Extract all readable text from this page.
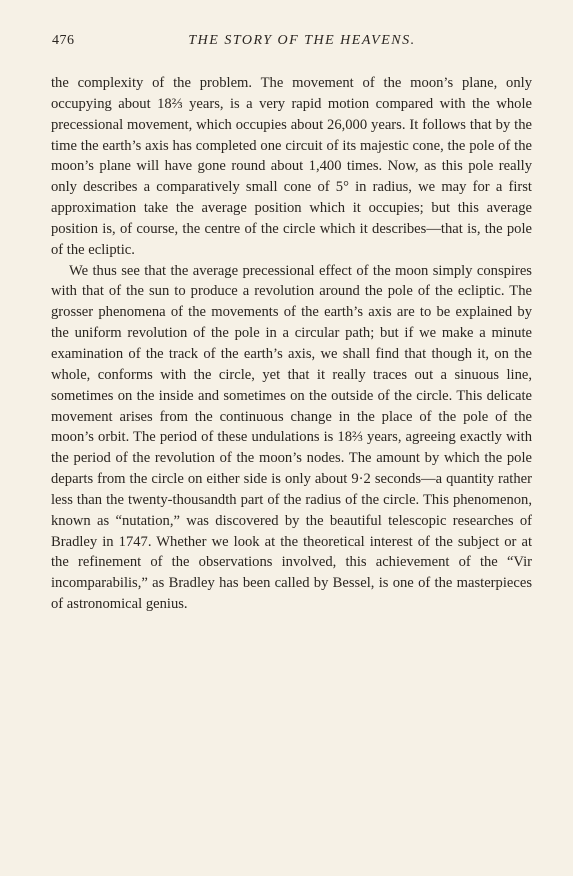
476	THE STORY OF THE HEAVENS.

the complexity of the problem. The movement of the moon’s plane, only occupying about 18⅔ years, is a very rapid motion compared with the whole precessional movement, which occupies about 26,000 years. It follows that by the time the earth’s axis has completed one circuit of its majestic cone, the pole of the moon’s plane will have gone round about 1,400 times. Now, as this pole really only describes a comparatively small cone of 5° in radius, we may for a first approximation take the average position which it occupies; but this average position is, of course, the centre of the circle which it describes—that is, the pole of the ecliptic.

We thus see that the average precessional effect of the moon simply conspires with that of the sun to produce a revolution around the pole of the ecliptic. The grosser phenomena of the movements of the earth’s axis are to be explained by the uniform revolution of the pole in a circular path; but if we make a minute examination of the track of the earth’s axis, we shall find that though it, on the whole, conforms with the circle, yet that it really traces out a sinuous line, sometimes on the inside and sometimes on the outside of the circle. This delicate movement arises from the continuous change in the place of the pole of the moon’s orbit. The period of these undulations is 18⅔ years, agreeing exactly with the period of the revolution of the moon’s nodes. The amount by which the pole departs from the circle on either side is only about 9·2 seconds—a quantity rather less than the twenty-thousandth part of the radius of the circle. This phenomenon, known as “nutation,” was discovered by the beautiful telescopic researches of Bradley in 1747. Whether we look at the theoretical interest of the subject or at the refinement of the observations involved, this achievement of the “Vir incomparabilis,” as Bradley has been called by Bessel, is one of the masterpieces of astronomical genius.
